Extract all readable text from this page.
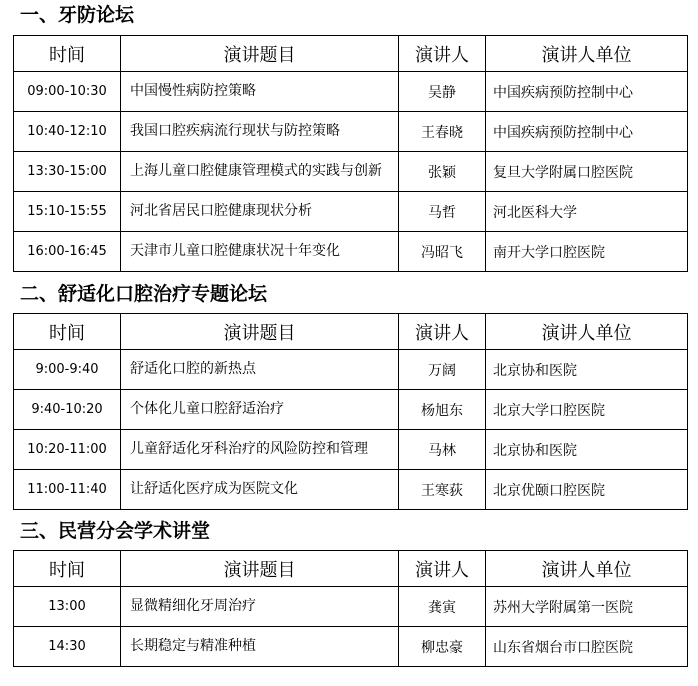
一、牙防论坛
时间	演讲题目	演讲人	演讲人单位
09:00-10:30	中国慢性病防控策略	吴静	中国疾病预防控制中心
10:40-12:10	我国口腔疾病流行现状与防控策略	王春晓	中国疾病预防控制中心
13:30-15:00	上海儿童口腔健康管理模式的实践与创新	张颖	复旦大学附属口腔医院
15:10-15:55	河北省居民口腔健康现状分析	马哲	河北医科大学
16:00-16:45	天津市儿童口腔健康状况十年变化	冯昭飞	南开大学口腔医院
二、舒适化口腔治疗专题论坛
时间	演讲题目	演讲人	演讲人单位
9:00-9:40	舒适化口腔的新热点	万阔	北京协和医院
9:40-10:20	个体化儿童口腔舒适治疗	杨旭东	北京大学口腔医院
10:20-11:00	儿童舒适化牙科治疗的风险防控和管理	马林	北京协和医院
11:00-11:40	让舒适化医疗成为医院文化	王寒荻	北京优颐口腔医院
三、民营分会学术讲堂
时间	演讲题目	演讲人	演讲人单位
13:00	显微精细化牙周治疗	龚寅	苏州大学附属第一医院
14:30	长期稳定与精准种植	柳忠豪	山东省烟台市口腔医院
